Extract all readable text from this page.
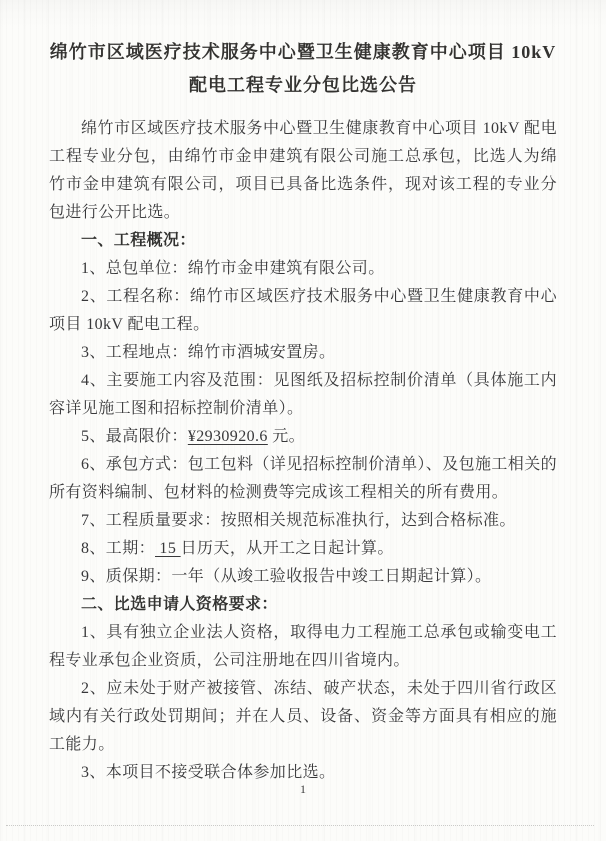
绵竹市区域医疗技术服务中心暨卫生健康教育中心项目 10kV
配电工程专业分包比选公告

绵竹市区域医疗技术服务中心暨卫生健康教育中心项目 10kV 配电工程专业分包，由绵竹市金申建筑有限公司施工总承包，比选人为绵竹市金申建筑有限公司，项目已具备比选条件，现对该工程的专业分包进行公开比选。

一、工程概况：

1、总包单位：绵竹市金申建筑有限公司。

2、工程名称：绵竹市区域医疗技术服务中心暨卫生健康教育中心项目 10kV 配电工程。

3、工程地点：绵竹市酒城安置房。

4、主要施工内容及范围：见图纸及招标控制价清单（具体施工内容详见施工图和招标控制价清单）。

5、最高限价：¥2930920.6 元。

6、承包方式：包工包料（详见招标控制价清单）、及包施工相关的所有资料编制、包材料的检测费等完成该工程相关的所有费用。

7、工程质量要求：按照相关规范标准执行，达到合格标准。

8、工期： 15 日历天，从开工之日起计算。

9、质保期：一年（从竣工验收报告中竣工日期起计算）。

二、比选申请人资格要求：

1、具有独立企业法人资格，取得电力工程施工总承包或输变电工程专业承包企业资质，公司注册地在四川省境内。

2、应未处于财产被接管、冻结、破产状态，未处于四川省行政区域内有关行政处罚期间；并在人员、设备、资金等方面具有相应的施工能力。

3、本项目不接受联合体参加比选。

1
